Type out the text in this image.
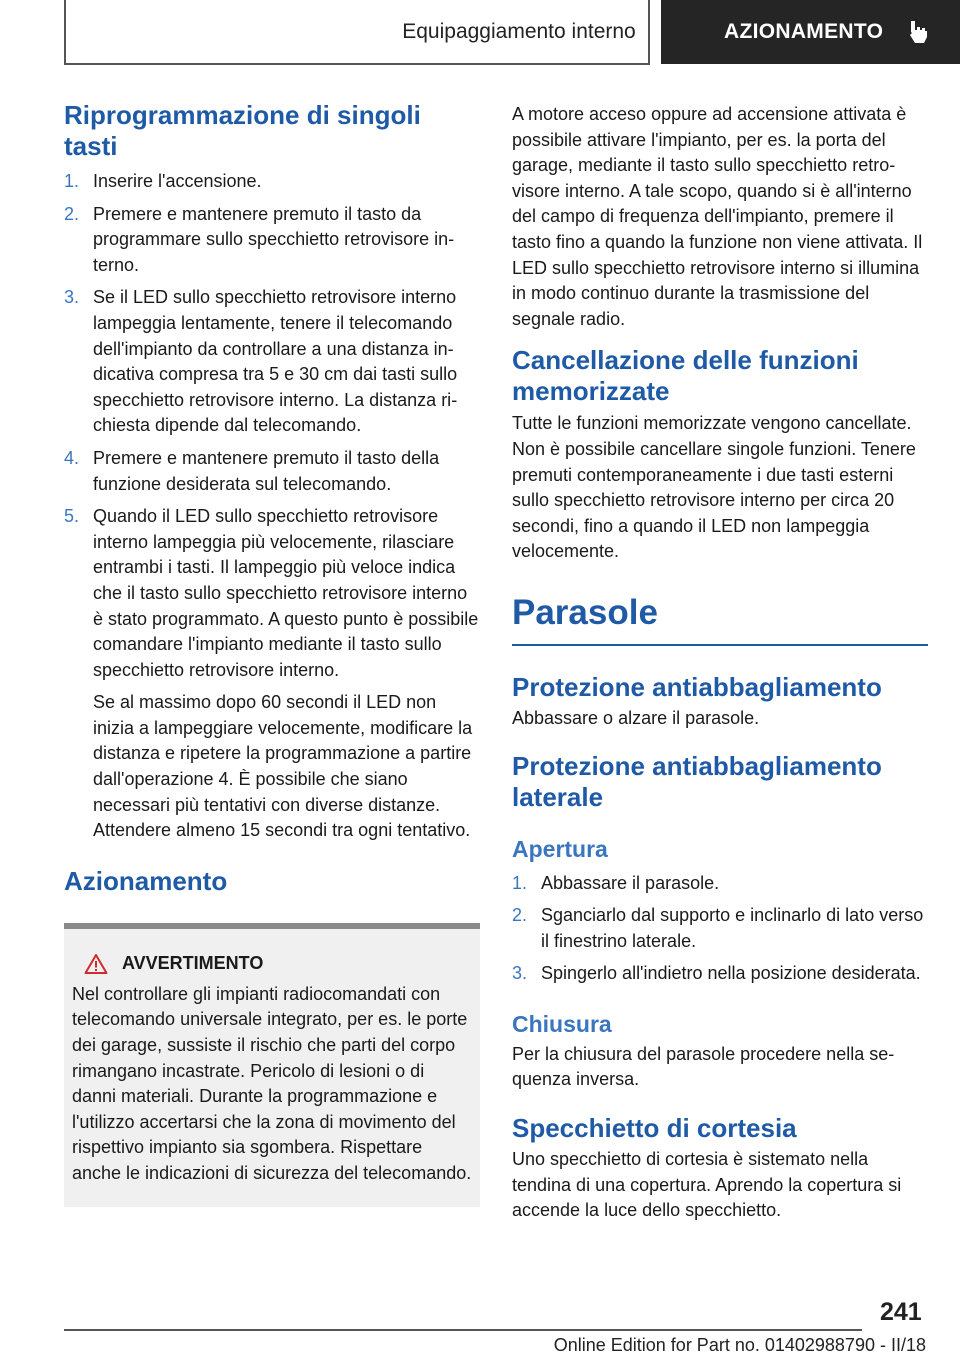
Equipaggiamento interno	AZIONAMENTO
Riprogrammazione di singoli tasti
1. Inserire l'accensione.
2. Premere e mantenere premuto il tasto da programmare sullo specchietto retrovisore interno.
3. Se il LED sullo specchietto retrovisore interno lampeggia lentamente, tenere il telecomando dell'impianto da controllare a una distanza indicativa compresa tra 5 e 30 cm dai tasti sullo specchietto retrovisore interno. La distanza richiesta dipende dal telecomando.
4. Premere e mantenere premuto il tasto della funzione desiderata sul telecomando.
5. Quando il LED sullo specchietto retrovisore interno lampeggia più velocemente, rilasciare entrambi i tasti. Il lampeggio più veloce indica che il tasto sullo specchietto retrovisore interno è stato programmato. A questo punto è possibile comandare l'impianto mediante il tasto sullo specchietto retrovisore interno.

Se al massimo dopo 60 secondi il LED non inizia a lampeggiare velocemente, modificare la distanza e ripetere la programmazione a partire dall'operazione 4. È possibile che siano necessari più tentativi con diverse distanze. Attendere almeno 15 secondi tra ogni tentativo.

Azionamento
AVVERTIMENTO

Nel controllare gli impianti radiocomandati con telecomando universale integrato, per es. le porte dei garage, sussiste il rischio che parti del corpo rimangano incastrate. Pericolo di lesioni o di danni materiali. Durante la programmazione e l'utilizzo accertarsi che la zona di movimento del rispettivo impianto sia sgombera. Rispettare anche le indicazioni di sicurezza del telecomando.

A motore acceso oppure ad accensione attivata è possibile attivare l'impianto, per es. la porta del garage, mediante il tasto sullo specchietto retrovisore interno. A tale scopo, quando si è all'interno del campo di frequenza dell'impianto, premere il tasto fino a quando la funzione non viene attivata. Il LED sullo specchietto retrovisore interno si illumina in modo continuo durante la trasmissione del segnale radio.

Cancellazione delle funzioni memorizzate

Tutte le funzioni memorizzate vengono cancellate. Non è possibile cancellare singole funzioni. Tenere premuti contemporaneamente i due tasti esterni sullo specchietto retrovisore interno per circa 20 secondi, fino a quando il LED non lampeggia velocemente.

Parasole
Protezione antiabbagliamento

Abbassare o alzare il parasole.

Protezione antiabbagliamento laterale
Apertura
1. Abbassare il parasole.
2. Sganciarlo dal supporto e inclinarlo di lato verso il finestrino laterale.
3. Spingerlo all'indietro nella posizione desiderata.
Chiusura

Per la chiusura del parasole procedere nella sequenza inversa.

Specchietto di cortesia

Uno specchietto di cortesia è sistemato nella tendina di una copertura. Aprendo la copertura si accende la luce dello specchietto.

241
Online Edition for Part no. 01402988790 - II/18
